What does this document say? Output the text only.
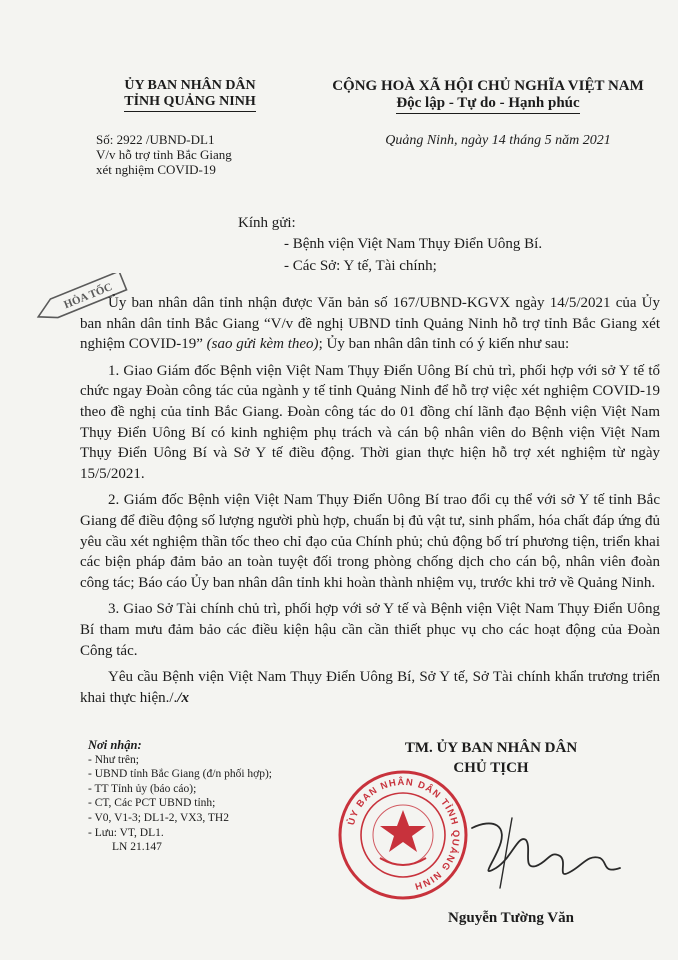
ỦY BAN NHÂN DÂN
TỈNH QUẢNG NINH
CỘNG HOÀ XÃ HỘI CHỦ NGHĨA VIỆT NAM
Độc lập - Tự do - Hạnh phúc
Số: 2922 /UBND-DL1
V/v hỗ trợ tỉnh Bắc Giang
xét nghiệm COVID-19
Quảng Ninh, ngày 14 tháng 5 năm 2021
Kính gửi:
- Bệnh viện Việt Nam Thụy Điển Uông Bí.
- Các Sở: Y tế, Tài chính;
HỎA TỐC

Ủy ban nhân dân tỉnh nhận được Văn bản số 167/UBND-KGVX ngày 14/5/2021 của Ủy ban nhân dân tỉnh Bắc Giang “V/v đề nghị UBND tỉnh Quảng Ninh hỗ trợ tỉnh Bắc Giang xét nghiệm COVID-19” (sao gửi kèm theo); Ủy ban nhân dân tỉnh có ý kiến như sau:

1. Giao Giám đốc Bệnh viện Việt Nam Thụy Điển Uông Bí chủ trì, phối hợp với sở Y tế tổ chức ngay Đoàn công tác của ngành y tế tỉnh Quảng Ninh để hỗ trợ việc xét nghiệm COVID-19 theo đề nghị của tỉnh Bắc Giang. Đoàn công tác do 01 đồng chí lãnh đạo Bệnh viện Việt Nam Thụy Điển Uông Bí có kinh nghiệm phụ trách và cán bộ nhân viên do Bệnh viện Việt Nam Thụy Điển Uông Bí và Sở Y tế điều động. Thời gian thực hiện hỗ trợ xét nghiệm từ ngày 15/5/2021.

2. Giám đốc Bệnh viện Việt Nam Thụy Điển Uông Bí trao đổi cụ thể với sở Y tế tỉnh Bắc Giang để điều động số lượng người phù hợp, chuẩn bị đủ vật tư, sinh phẩm, hóa chất đáp ứng đủ yêu cầu xét nghiệm thần tốc theo chỉ đạo của Chính phủ; chủ động bố trí phương tiện, triển khai các biện pháp đảm bảo an toàn tuyệt đối trong phòng chống dịch cho cán bộ, nhân viên đoàn công tác; Báo cáo Ủy ban nhân dân tỉnh khi hoàn thành nhiệm vụ, trước khi trở về Quảng Ninh.

3. Giao Sở Tài chính chủ trì, phối hợp với sở Y tế và Bệnh viện Việt Nam Thụy Điển Uông Bí tham mưu đảm bảo các điều kiện hậu cần cần thiết phục vụ cho các hoạt động của Đoàn Công tác.

Yêu cầu Bệnh viện Việt Nam Thụy Điển Uông Bí, Sở Y tế, Sở Tài chính khẩn trương triển khai thực hiện././x

Nơi nhận:
- Như trên;
- UBND tỉnh Bắc Giang (đ/n phối hợp);
- TT Tỉnh ủy (báo cáo);
- CT, Các PCT UBND tỉnh;
- V0, V1-3; DL1-2, VX3, TH2
- Lưu: VT, DL1.
LN 21.147
TM. ỦY BAN NHÂN DÂN
CHỦ TỊCH
ỦY BAN NHÂN DÂN TỈNH QUẢNG NINH
Nguyễn Tường Văn
